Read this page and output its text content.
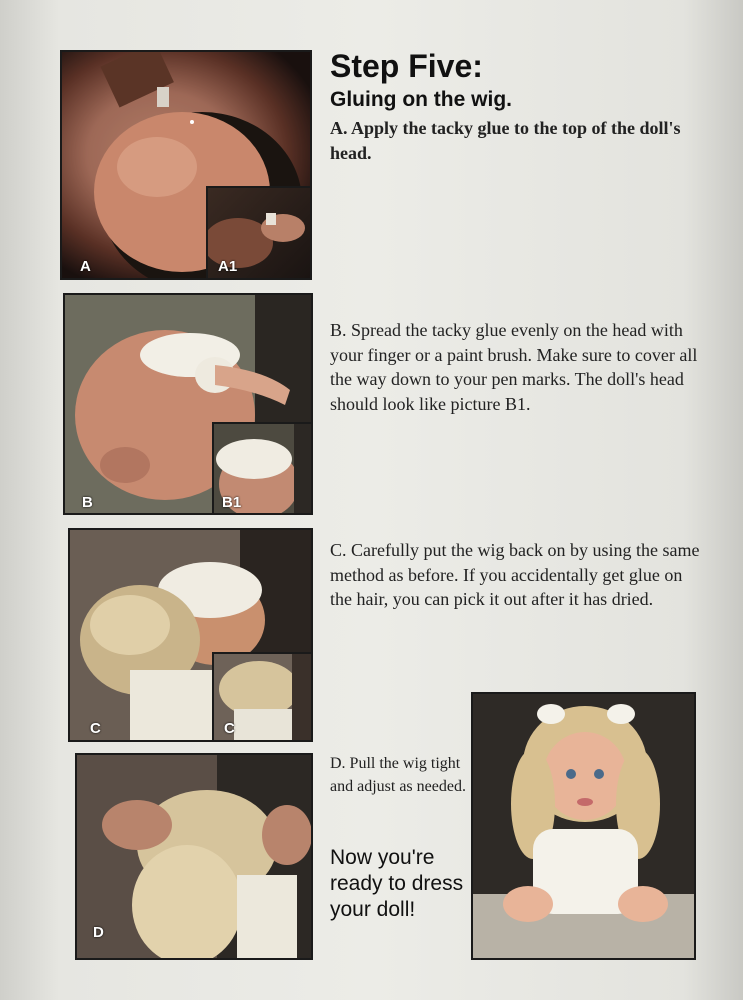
A	A1
B	B1
C	C
D
Step Five:
Gluing on the wig.
A. Apply the tacky glue to the top of the doll's head.
B. Spread the tacky glue evenly on the head with your finger or a paint brush. Make sure to cover all the way down to your pen marks. The doll's head should look like picture B1.
C. Carefully put the wig back on by using the same method as before. If you accidentally get glue on the hair, you can pick it out after it has dried.
D. Pull the wig tight and adjust as needed.
Now you're ready to dress your doll!
